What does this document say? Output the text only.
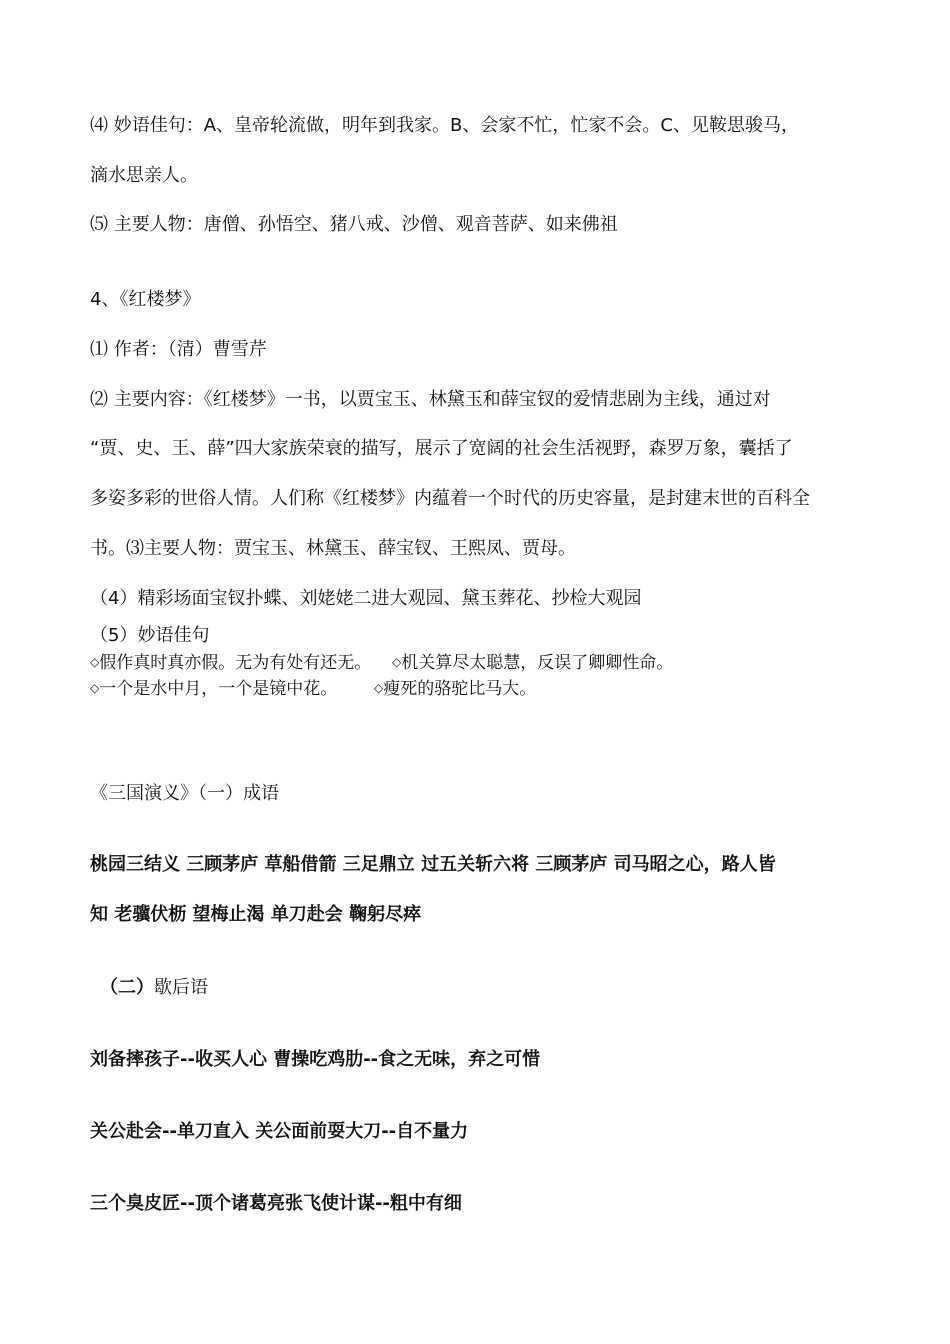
⑷ 妙语佳句：A、皇帝轮流做，明年到我家。B、会家不忙，忙家不会。C、见鞍思骏马，
滴水思亲人。
⑸ 主要人物：唐僧、孙悟空、猪八戒、沙僧、观音菩萨、如来佛祖
4、《红楼梦》
⑴ 作者：（清）曹雪芹
⑵ 主要内容：《红楼梦》一书，以贾宝玉、林黛玉和薛宝钗的爱情悲剧为主线，通过对
“贾、史、王、薛”四大家族荣衰的描写，展示了宽阔的社会生活视野，森罗万象，囊括了
多姿多彩的世俗人情。人们称《红楼梦》内蕴着一个时代的历史容量，是封建末世的百科全
书。⑶主要人物：贾宝玉、林黛玉、薛宝钗、王熙凤、贾母。
（4）精彩场面宝钗扑蝶、刘姥姥二进大观园、黛玉葬花、抄检大观园
（5）妙语佳句
◇假作真时真亦假。无为有处有还无。 ◇机关算尽太聪慧，反误了卿卿性命。
◇一个是水中月，一个是镜中花。	◇瘦死的骆驼比马大。
《三国演义》（一）成语
桃园三结义 三顾茅庐 草船借箭 三足鼎立 过五关斩六将 三顾茅庐 司马昭之心，路人皆
知 老骥伏枥 望梅止渴 单刀赴会 鞠躬尽瘁
（二）歇后语
刘备摔孩子--收买人心 曹操吃鸡肋--食之无味，弃之可惜
关公赴会--单刀直入 关公面前耍大刀--自不量力
三个臭皮匠--顶个诸葛亮张飞使计谋--粗中有细
